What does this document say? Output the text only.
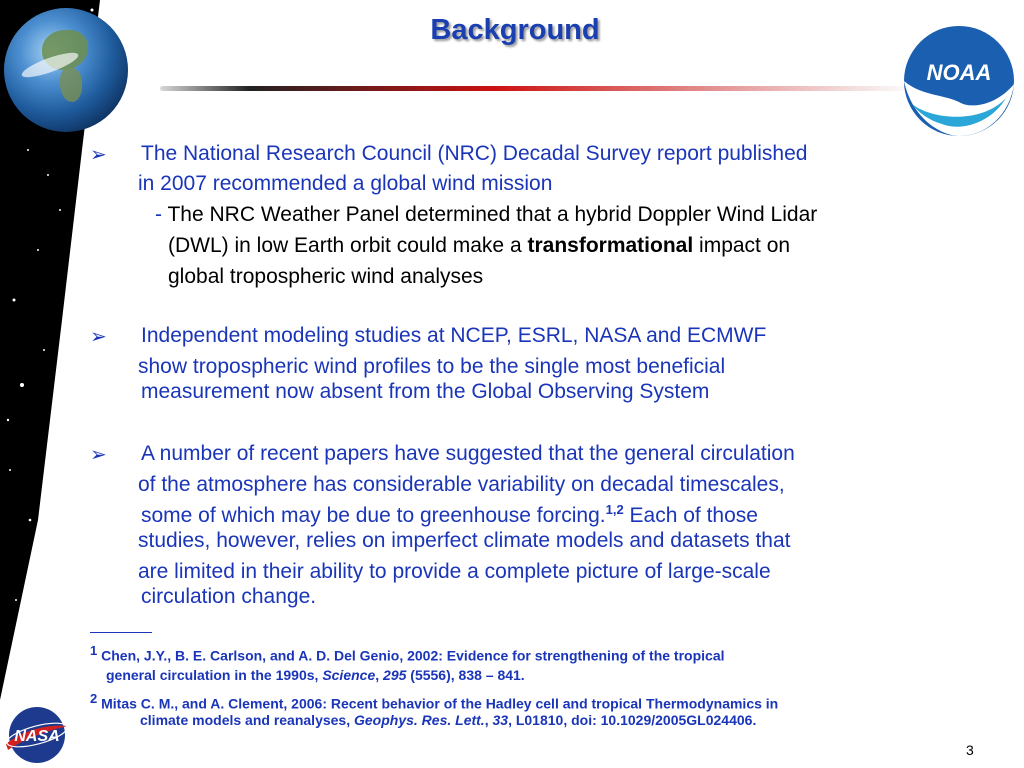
Background
NOAA
NASA
➢ The National Research Council (NRC) Decadal Survey report published
in 2007 recommended a global wind mission
- The NRC Weather Panel determined that a hybrid Doppler Wind Lidar
(DWL) in low Earth orbit could make a transformational impact on
global tropospheric wind analyses
➢ Independent modeling studies at NCEP, ESRL, NASA and ECMWF
show tropospheric wind profiles to be the single most beneficial
measurement now absent from the Global Observing System
➢ A number of recent papers have suggested that the general circulation
of the atmosphere has considerable variability on decadal timescales,
some of which may be due to greenhouse forcing.$^{1,2}$ Each of those
studies, however, relies on imperfect climate models and datasets that
are limited in their ability to provide a complete picture of large-scale
circulation change.
$^1$ Chen, J.Y., B. E. Carlson, and A. D. Del Genio, 2002: Evidence for strengthening of the tropical
general circulation in the 1990s, Science, 295 (5556), 838 – 841.
$^2$ Mitas C. M., and A. Clement, 2006: Recent behavior of the Hadley cell and tropical Thermodynamics in
climate models and reanalyses, Geophys. Res. Lett., 33, L01810, doi: 10.1029/2005GL024406.
3
